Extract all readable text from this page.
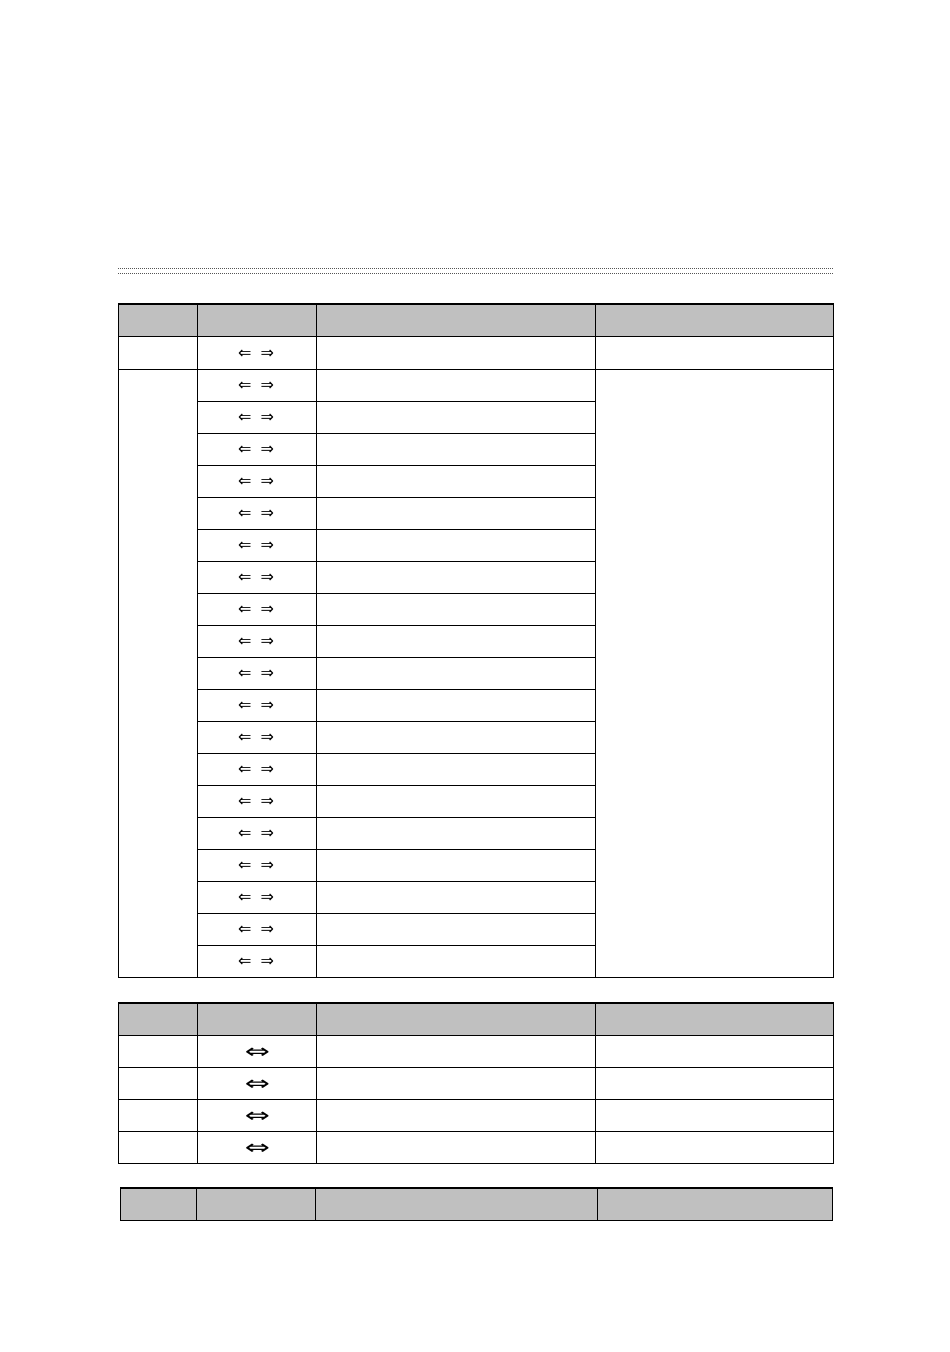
	⇐ ⇒		
	⇐ ⇒		
	⇐ ⇒		
	⇐ ⇒		
	⇐ ⇒		
	⇐ ⇒		
	⇐ ⇒		
	⇐ ⇒		
	⇐ ⇒		
	⇐ ⇒		
	⇐ ⇒		
	⇐ ⇒		
	⇐ ⇒		
	⇐ ⇒		
	⇐ ⇒		
	⇐ ⇒		
	⇐ ⇒		
	⇐ ⇒		
	⇐ ⇒		
	⇐ ⇒		

	⇔		
	⇔		
	⇔		
	⇔		
